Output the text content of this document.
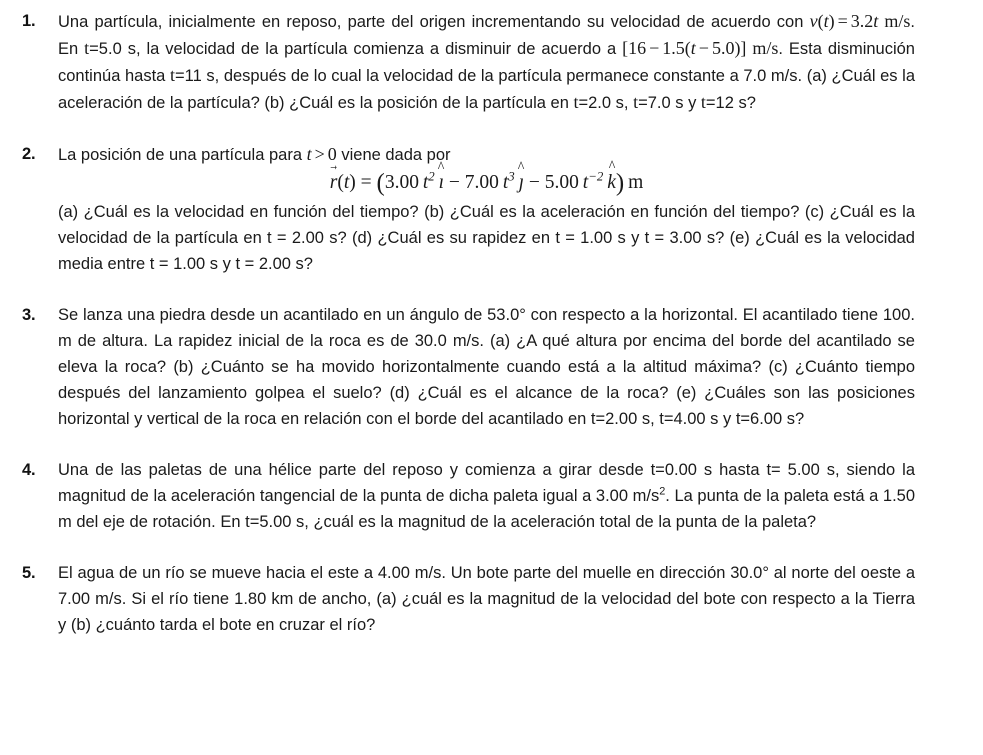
1.	Una partícula, inicialmente en reposo, parte del origen incrementando su velocidad de acuerdo con v(t) = 3.2t m/s. En t=5.0 s, la velocidad de la partícula comienza a disminuir de acuerdo a [16 − 1.5(t − 5.0)] m/s. Esta disminución continúa hasta t=11 s, después de lo cual la velocidad de la partícula permanece constante a 7.0 m/s. (a) ¿Cuál es la aceleración de la partícula? (b) ¿Cuál es la posición de la partícula en t=2.0 s, t=7.0 s y t=12 s?

2.	La posición de una partícula para t > 0 viene dada por

r →(t) = (3.00  $t^2$  ı ^ − 7.00  $t^3$  ȷ ^ − 5.00  $t^{-2}$  k ^)  m

(a) ¿Cuál es la velocidad en función del tiempo? (b) ¿Cuál es la aceleración en función del tiempo? (c) ¿Cuál es la velocidad de la partícula en t = 2.00 s? (d) ¿Cuál es su rapidez en t = 1.00 s y t = 3.00 s? (e) ¿Cuál es la velocidad media entre t = 1.00 s y t = 2.00 s?

3.	Se lanza una piedra desde un acantilado en un ángulo de 53.0° con respecto a la horizontal. El acantilado tiene 100. m de altura. La rapidez inicial de la roca es de 30.0 m/s. (a) ¿A qué altura por encima del borde del acantilado se eleva la roca? (b) ¿Cuánto se ha movido horizontalmente cuando está a la altitud máxima? (c) ¿Cuánto tiempo después del lanzamiento golpea el suelo? (d) ¿Cuál es el alcance de la roca? (e) ¿Cuáles son las posiciones horizontal y vertical de la roca en relación con el borde del acantilado en t=2.00 s, t=4.00 s y t=6.00 s?

4.	Una de las paletas de una hélice parte del reposo y comienza a girar desde t=0.00 s hasta t= 5.00 s, siendo la magnitud de la aceleración tangencial de la punta de dicha paleta igual a 3.00 $m/s^2$. La punta de la paleta está a 1.50 m del eje de rotación. En t=5.00 s, ¿cuál es la magnitud de la aceleración total de la punta de la paleta?

5.	El agua de un río se mueve hacia el este a 4.00 m/s. Un bote parte del muelle en dirección 30.0° al norte del oeste a 7.00 m/s. Si el río tiene 1.80 km de ancho, (a) ¿cuál es la magnitud de la velocidad del bote con respecto a la Tierra y (b) ¿cuánto tarda el bote en cruzar el río?
